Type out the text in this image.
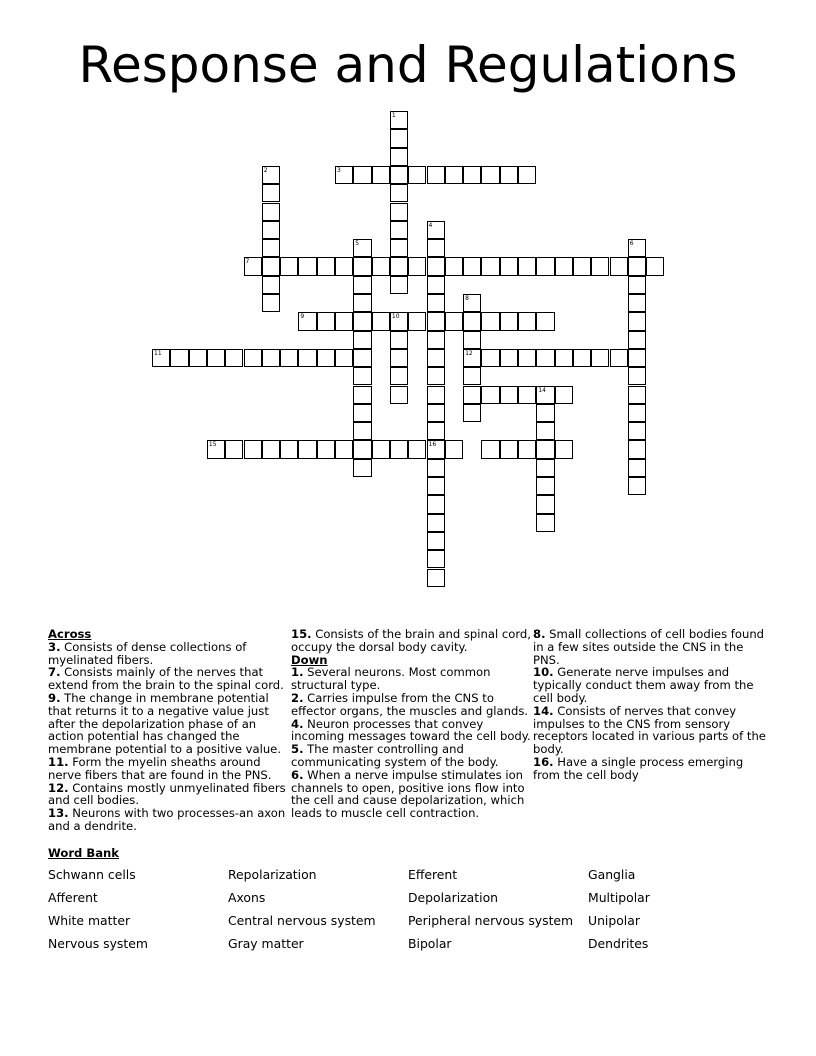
Response and Regulations
1
2	3
4
16
5	6
7
8
12
9	10
11
14
15
Across
3. Consists of dense collections of myelinated fibers.
7. Consists mainly of the nerves that extend from the brain to the spinal cord.
9. The change in membrane potential that returns it to a negative value just after the depolarization phase of an action potential has changed the membrane potential to a positive value.
11. Form the myelin sheaths around nerve fibers that are found in the PNS.
12. Contains mostly unmyelinated fibers and cell bodies.
13. Neurons with two processes-an axon and a dendrite.
15. Consists of the brain and spinal cord, occupy the dorsal body cavity.
Down
1. Several neurons. Most common structural type.
2. Carries impulse from the CNS to effector organs, the muscles and glands.
4. Neuron processes that convey incoming messages toward the cell body.
5. The master controlling and communicating system of the body.
6. When a nerve impulse stimulates ion channels to open, positive ions flow into the cell and cause depolarization, which leads to muscle cell contraction.
8. Small collections of cell bodies found in a few sites outside the CNS in the PNS.
10. Generate nerve impulses and typically conduct them away from the cell body.
14. Consists of nerves that convey impulses to the CNS from sensory receptors located in various parts of the body.
16. Have a single process emerging from the cell body
Word Bank
Schwann cells	Repolarization	Efferent	Ganglia
Afferent	Axons	Depolarization	Multipolar
White matter	Central nervous system	Peripheral nervous system	Unipolar
Nervous system	Gray matter	Bipolar	Dendrites
